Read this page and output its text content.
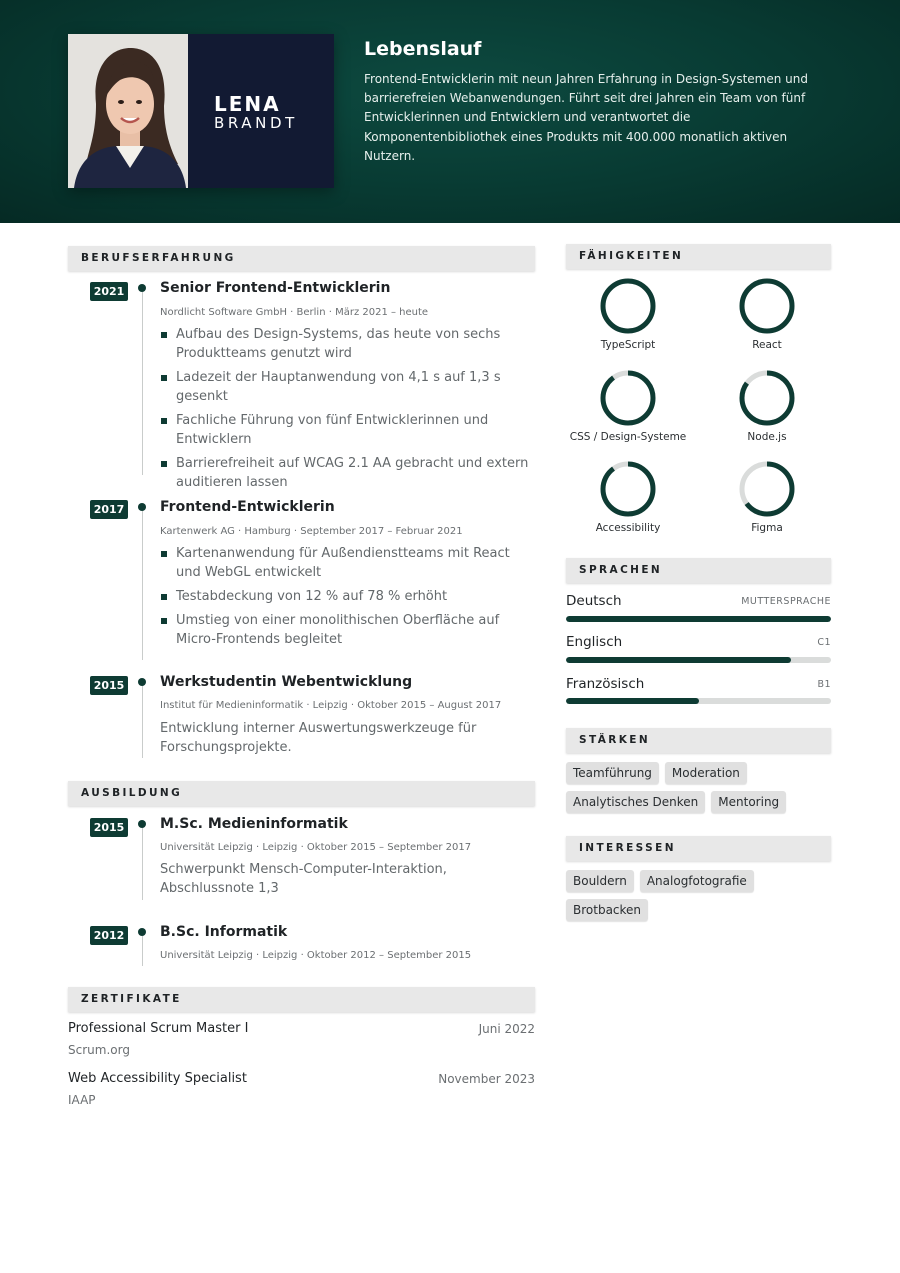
LENA
BRANDT
Lebenslauf
Frontend-Entwicklerin mit neun Jahren Erfahrung in Design-Systemen und barrierefreien Webanwendungen. Führt seit drei Jahren ein Team von fünf Entwicklerinnen und Entwicklern und verantwortet die Komponentenbibliothek eines Produkts mit 400.000 monatlich aktiven Nutzern.
BERUFSERFAHRUNG
2021	Senior Frontend-Entwicklerin
Nordlicht Software GmbH · Berlin · März 2021 – heute
Aufbau des Design-Systems, das heute von sechs Produktteams genutzt wird
Ladezeit der Hauptanwendung von 4,1 s auf 1,3 s gesenkt
Fachliche Führung von fünf Entwicklerinnen und Entwicklern
Barrierefreiheit auf WCAG 2.1 AA gebracht und extern auditieren lassen
2017	Frontend-Entwicklerin
Kartenwerk AG · Hamburg · September 2017 – Februar 2021
Kartenanwendung für Außendienstteams mit React und WebGL entwickelt
Testabdeckung von 12 % auf 78 % erhöht
Umstieg von einer monolithischen Oberfläche auf Micro-Frontends begleitet
2015	Werkstudentin Webentwicklung
Institut für Medieninformatik · Leipzig · Oktober 2015 – August 2017
Entwicklung interner Auswertungswerkzeuge für Forschungsprojekte.
AUSBILDUNG
2015	M.Sc. Medieninformatik
Universität Leipzig · Leipzig · Oktober 2015 – September 2017
Schwerpunkt Mensch-Computer-Interaktion, Abschlussnote 1,3
2012	B.Sc. Informatik
Universität Leipzig · Leipzig · Oktober 2012 – September 2015
ZERTIFIKATE
Professional Scrum Master I	Juni 2022
Scrum.org
Web Accessibility Specialist	November 2023
IAAP
FÄHIGKEITEN
TypeScript	React
CSS / Design-Systeme	Node.js
Accessibility	Figma
SPRACHEN
Deutsch	MUTTERSPRACHE
Englisch	C1
Französisch	B1
STÄRKEN
Teamführung	Moderation
Analytisches Denken	Mentoring
INTERESSEN
Bouldern	Analogfotografie
Brotbacken
